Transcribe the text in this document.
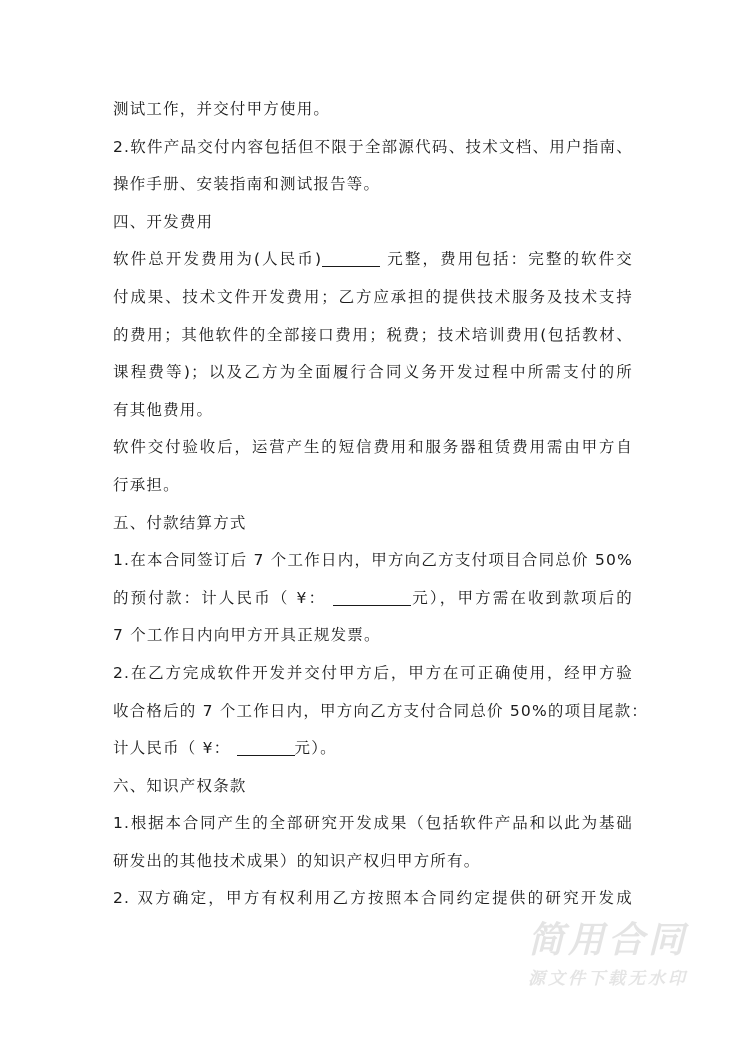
测试工作，并交付甲方使用。
2.软件产品交付内容包括但不限于全部源代码、技术文档、用户指南、
操作手册、安装指南和测试报告等。
四、开发费用
软件总开发费用为(人民币)	元整，费用包括：完整的软件交
付成果、技术文件开发费用；乙方应承担的提供技术服务及技术支持
的费用；其他软件的全部接口费用；税费；技术培训费用(包括教材、
课程费等)；以及乙方为全面履行合同义务开发过程中所需支付的所
有其他费用。
软件交付验收后，运营产生的短信费用和服务器租赁费用需由甲方自
行承担。
五、付款结算方式
1.在本合同签订后 7 个工作日内，甲方向乙方支付项目合同总价 50%
的预付款：计人民币（ ¥：	元），甲方需在收到款项后的
7 个工作日内向甲方开具正规发票。
2.在乙方完成软件开发并交付甲方后，甲方在可正确使用，经甲方验
收合格后的 7 个工作日内，甲方向乙方支付合同总价 50%的项目尾款：
计人民币（ ¥：	元）。
六、知识产权条款
1.根据本合同产生的全部研究开发成果（包括软件产品和以此为基础
研发出的其他技术成果）的知识产权归甲方所有。
2. 双方确定，甲方有权利用乙方按照本合同约定提供的研究开发成
简用合同
源文件下载无水印
